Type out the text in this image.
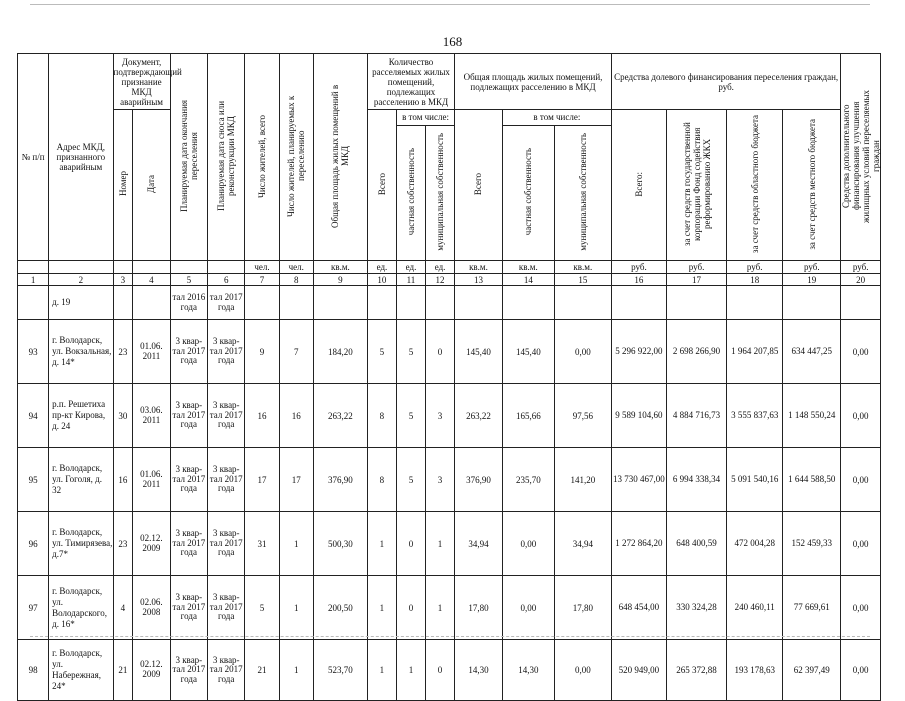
168
№ п/п	Адрес МКД, признанного аварийным	Документ, подтверждающий признание МКД аварийным		Планируемая дата окончания переселения	Планируемая дата сноса или реконструкции МКД	Число жителей, всего	Число жителей, планируемых к переселению	Общая площадь жилых помещений в МКД	Количество расселяемых жилых помещений, подлежащих расселению в МКД			Общая площадь жилых помещений, подлежащих расселению в МКД			Средства долевого финансирования переселения граждан, руб.				Средства дополнительного финансирования улучшения жилищных условий переселяемых граждан
		Номер	Дата						Всего	в том числе:		Всего	в том числе:		Всего:	за счет средств государственной корпорации Фонд содействия реформированию ЖКХ	за счет средств областного бюджета	за счет средств местного бюджета	
										частная собственность	муниципальная собственность		частная собственность	муниципальная собственность					
						чел.	чел.	кв.м.	ед.	ед.	ед.	кв.м.	кв.м.	кв.м.	руб.	руб.	руб.	руб.	руб.
1	2	3	4	5	6	7	8	9	10	11	12	13	14	15	16	17	18	19	20
	д. 19			тал 2016 года	тал 2017 года														
93	г. Володарск, ул. Вокзальная, д. 14*	23	01.06. 2011	3 квар- тал 2017 года	3 квар- тал 2017 года	9	7	184,20	5	5	0	145,40	145,40	0,00	5 296 922,00	2 698 266,90	1 964 207,85	634 447,25	0,00
94	р.п. Решетиха пр-кт Кирова, д. 24	30	03.06. 2011	3 квар- тал 2017 года	3 квар- тал 2017 года	16	16	263,22	8	5	3	263,22	165,66	97,56	9 589 104,60	4 884 716,73	3 555 837,63	1 148 550,24	0,00
95	г. Володарск, ул. Гоголя, д. 32	16	01.06. 2011	3 квар- тал 2017 года	3 квар- тал 2017 года	17	17	376,90	8	5	3	376,90	235,70	141,20	13 730 467,00	6 994 338,34	5 091 540,16	1 644 588,50	0,00
96	г. Володарск, ул. Тимирязева, д.7*	23	02.12. 2009	3 квар- тал 2017 года	3 квар- тал 2017 года	31	1	500,30	1	0	1	34,94	0,00	34,94	1 272 864,20	648 400,59	472 004,28	152 459,33	0,00
97	г. Володарск, ул. Володарского, д. 16*	4	02.06. 2008	3 квар- тал 2017 года	3 квар- тал 2017 года	5	1	200,50	1	0	1	17,80	0,00	17,80	648 454,00	330 324,28	240 460,11	77 669,61	0,00
98	г. Володарск, ул. Набережная, 24*	21	02.12. 2009	3 квар- тал 2017 года	3 квар- тал 2017 года	21	1	523,70	1	1	0	14,30	14,30	0,00	520 949,00	265 372,88	193 178,63	62 397,49	0,00
